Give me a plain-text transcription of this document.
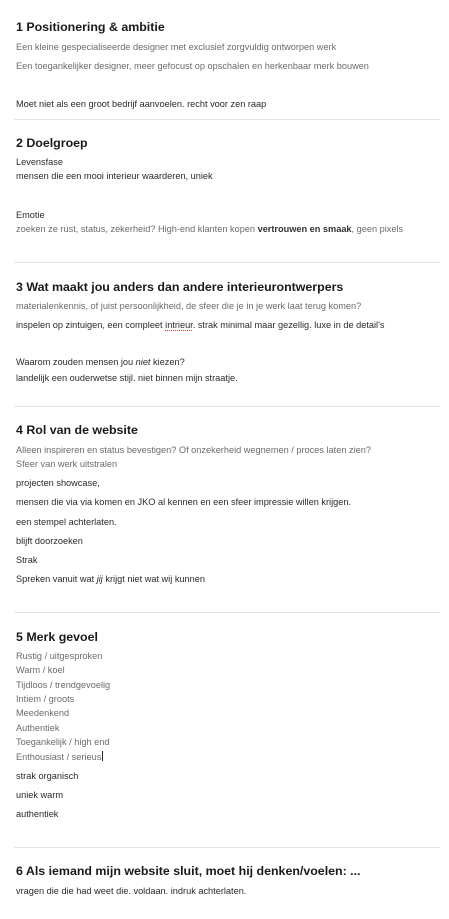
1 Positionering & ambitie
Een kleine gespecialiseerde designer met exclusief zorgvuldig ontworpen werk
Een toegankelijker designer, meer gefocust op opschalen en herkenbaar merk bouwen
Moet niet als een groot bedrijf aanvoelen. recht voor zen raap
2 Doelgroep
Levensfase
mensen die een mooi interieur waarderen, uniek
Emotie
zoeken ze rust, status, zekerheid? High-end klanten kopen vertrouwen en smaak, geen pixels
3 Wat maakt jou anders dan andere interieurontwerpers
materialenkennis, of juist persoonlijkheid, de sfeer die je in je werk laat terug komen?
inspelen op zintuigen, een compleet intrieur. strak minimal maar gezellig. luxe in de detail's
Waarom zouden mensen jou niet kiezen?
landelijk een ouderwetse stijl. niet binnen mijn straatje.
4 Rol van de website
Alleen inspireren en status bevestigen? Of onzekerheid wegnemen / proces laten zien?
Sfeer van werk uitstralen
projecten showcase,
mensen die via via komen en JKO al kennen en een sfeer impressie willen krijgen.
een stempel achterlaten.
blijft doorzoeken
Strak
Spreken vanuit wat jij krijgt niet wat wij kunnen
5 Merk gevoel
Rustig / uitgesproken
Warm / koel
Tijdloos / trendgevoelig
Intiem / groots
Meedenkend
Authentiek
Toegankelijk / high end
Enthousiast / serieus
strak organisch
uniek warm
authentiek
6 Als iemand mijn website sluit, moet hij denken/voelen: ...
vragen die die had weet die. voldaan. indruk achterlaten.
